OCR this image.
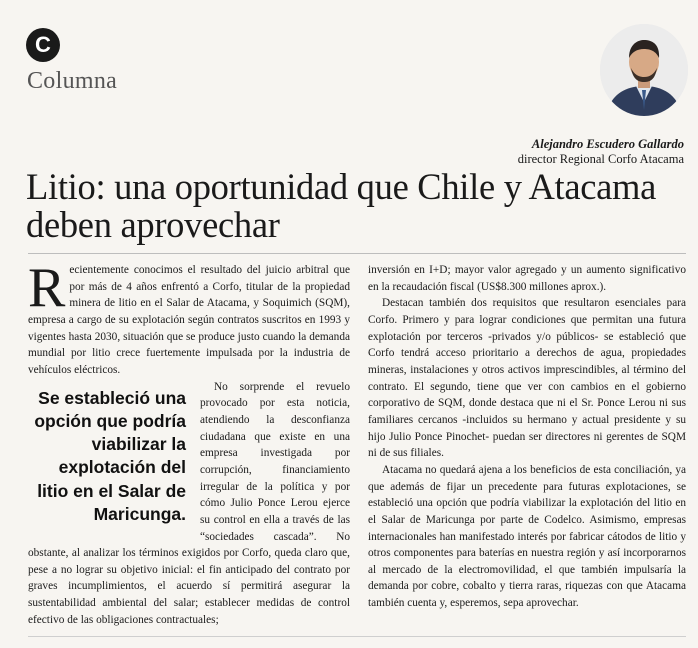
C
Columna
Alejandro Escudero Gallardo
director Regional Corfo Atacama
Litio: una oportunidad que Chile y Atacama deben aprovechar
R ecientemente conocimos el resultado del juicio arbitral que por más de 4 años enfrentó a Corfo, titular de la propiedad minera de litio en el Salar de Atacama, y Soquimich (SQM), empresa a cargo de su explotación según contratos suscritos en 1993 y vigentes hasta 2030, situación que se produce justo cuando la demanda mundial por litio crece fuertemente impulsada por la industria de vehículos eléctricos.

Se estableció una opción que podría viabilizar la explotación del litio en el Salar de Maricunga.

No sorprende el revuelo provocado por esta noticia, atendiendo la desconfianza ciudadana que existe en una empresa investigada por corrupción, financiamiento irregular de la política y por cómo Julio Ponce Lerou ejerce su control en ella a través de las “sociedades cascada”. No obstante, al analizar los términos exigidos por Corfo, queda claro que, pese a no lograr su objetivo inicial: el fin anticipado del contrato por graves incumplimientos, el acuerdo sí permitirá asegurar la sustentabilidad ambiental del salar; establecer medidas de control efectivo de las obligaciones contractuales;

inversión en I+D; mayor valor agregado y un aumento significativo en la recaudación fiscal (US$8.300 millones aprox.).

Destacan también dos requisitos que resultaron esenciales para Corfo. Primero y para lograr condiciones que permitan una futura explotación por terceros -privados y/o públicos- se estableció que Corfo tendrá acceso prioritario a derechos de agua, propiedades mineras, instalaciones y otros activos imprescindibles, al término del contrato. El segundo, tiene que ver con cambios en el gobierno corporativo de SQM, donde destaca que ni el Sr. Ponce Lerou ni sus familiares cercanos -incluidos su hermano y actual presidente y su hijo Julio Ponce Pinochet- puedan ser directores ni gerentes de SQM ni de sus filiales.

Atacama no quedará ajena a los beneficios de esta conciliación, ya que además de fijar un precedente para futuras explotaciones, se estableció una opción que podría viabilizar la explotación del litio en el Salar de Maricunga por parte de Codelco. Asimismo, empresas internacionales han manifestado interés por fabricar cátodos de litio y otros componentes para baterías en nuestra región y así incorporarnos al mercado de la electromovilidad, el que también impulsaría la demanda por cobre, cobalto y tierra raras, riquezas con que Atacama también cuenta y, esperemos, sepa aprovechar.
